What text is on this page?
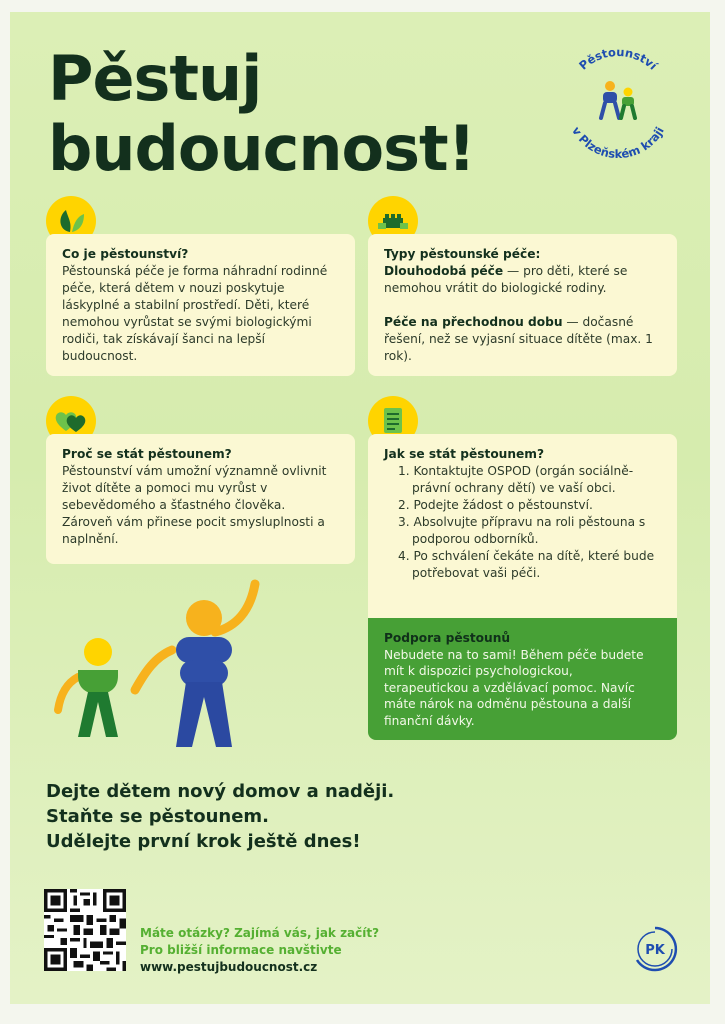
Pěstuj
budoucnost!
Pěstounství
v Plzeňském kraji
Co je pěstounství?

Pěstounská péče je forma náhradní rodinné péče, která dětem v nouzi poskytuje láskyplné a stabilní prostředí. Děti, které nemohou vyrůstat se svými biologickými rodiči, tak získávají šanci na lepší budoucnost.

Typy pěstounské péče:

Dlouhodobá péče — pro děti, které se nemohou vrátit do biologické rodiny.

Péče na přechodnou dobu — dočasné řešení, než se vyjasní situace dítěte (max. 1 rok).

Proč se stát pěstounem?

Pěstounství vám umožní významně ovlivnit život dítěte a pomoci mu vyrůst v sebevědomého a šťastného člověka. Zároveň vám přinese pocit smysluplnosti a naplnění.

Jak se stát pěstounem?
1. Kontaktujte OSPOD (orgán sociálně-právní ochrany dětí) ve vaší obci.
2. Podejte žádost o pěstounství.
3. Absolvujte přípravu na roli pěstouna s podporou odborníků.
4. Po schválení čekáte na dítě, které bude potřebovat vaši péči.
Podpora pěstounů
Nebudete na to sami! Během péče budete mít k dispozici psychologickou, terapeutickou a vzdělávací pomoc. Navíc máte nárok na odměnu pěstouna a další finanční dávky.
Dejte dětem nový domov a naději.
Staňte se pěstounem.
Udělejte první krok ještě dnes!
Máte otázky? Zajímá vás, jak začít?
Pro bližší informace navštivte
www.pestujbudoucnost.cz
PK
